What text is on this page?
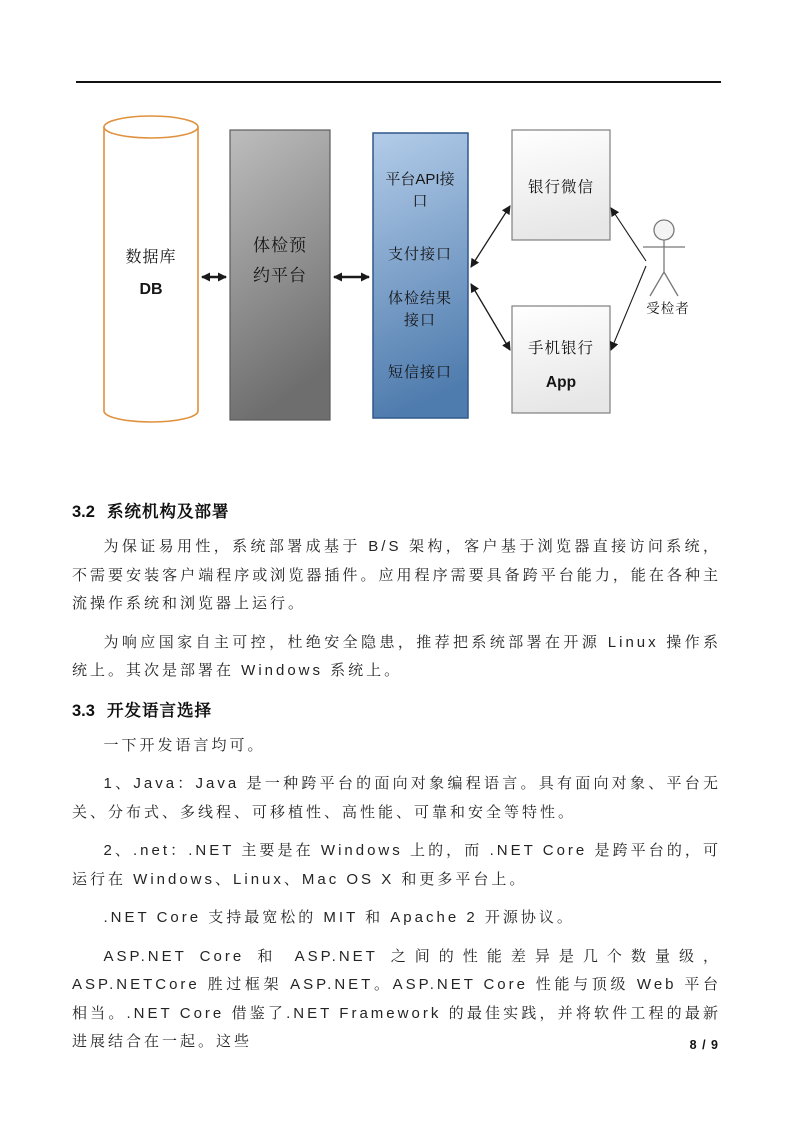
数据库
DB
体检预
约平台
平台API接
口
支付接口
体检结果
接口
短信接口
银行微信
手机银行
App
受检者
3.2 系统机构及部署

为保证易用性，系统部署成基于 B/S 架构，客户基于浏览器直接访问系统，不需要安装客户端程序或浏览器插件。应用程序需要具备跨平台能力，能在各种主流操作系统和浏览器上运行。

为响应国家自主可控，杜绝安全隐患，推荐把系统部署在开源 Linux 操作系统上。其次是部署在 Windows 系统上。

3.3 开发语言选择

一下开发语言均可。

1、Java：Java 是一种跨平台的面向对象编程语言。具有面向对象、平台无关、分布式、多线程、可移植性、高性能、可靠和安全等特性。

2、.net：.NET 主要是在 Windows 上的，而 .NET Core 是跨平台的，可运行在 Windows、Linux、Mac OS X 和更多平台上。

.NET Core 支持最宽松的 MIT 和 Apache 2 开源协议。

ASP.NET Core 和 ASP.NET 之间的性能差异是几个数量级，ASP.NETCore 胜过框架 ASP.NET。ASP.NET Core 性能与顶级 Web 平台相当。.NET Core 借鉴了.NET Framework 的最佳实践，并将软件工程的最新进展结合在一起。这些	8 / 9
